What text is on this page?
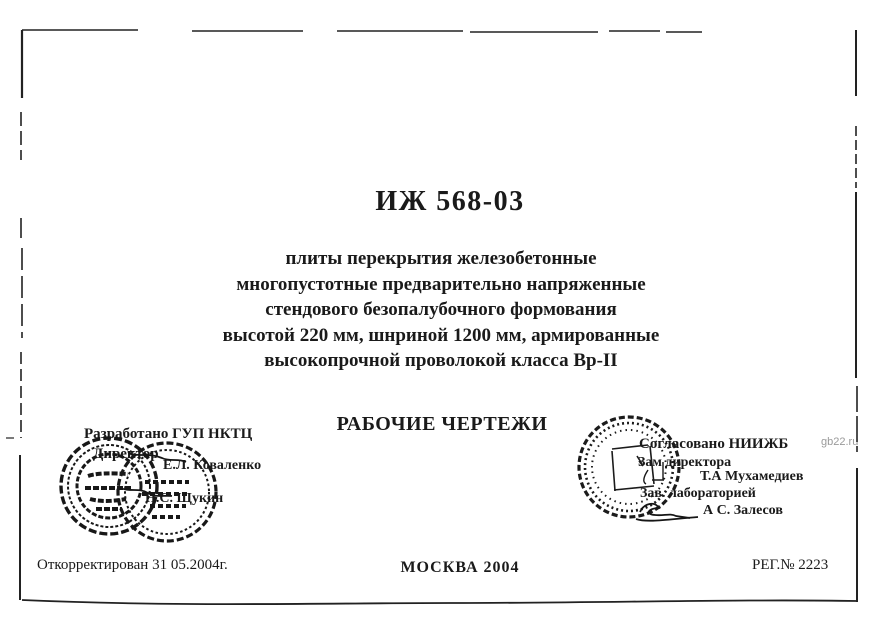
ИЖ 568-03
плиты перекрытия железобетонные
многопустотные предварительно напряженные
стендового безопалубочного формования
высотой 220 мм, шнриной 1200 мм, армированные
высокопрочной проволокой класса Вр-II
РАБОЧИЕ ЧЕРТЕЖИ
Разработано ГУП НКТЦ
Директор
Е.Л. Коваленко
Н.С. Щукин
Согласовано НИИЖБ
Зам директора
Т.А Мухамедиев
Зав. лабораторией
А С. Залесов
Откорректирован 31 05.2004г.	МОСКВА 2004	РЕГ.№ 2223
gb22.ru
